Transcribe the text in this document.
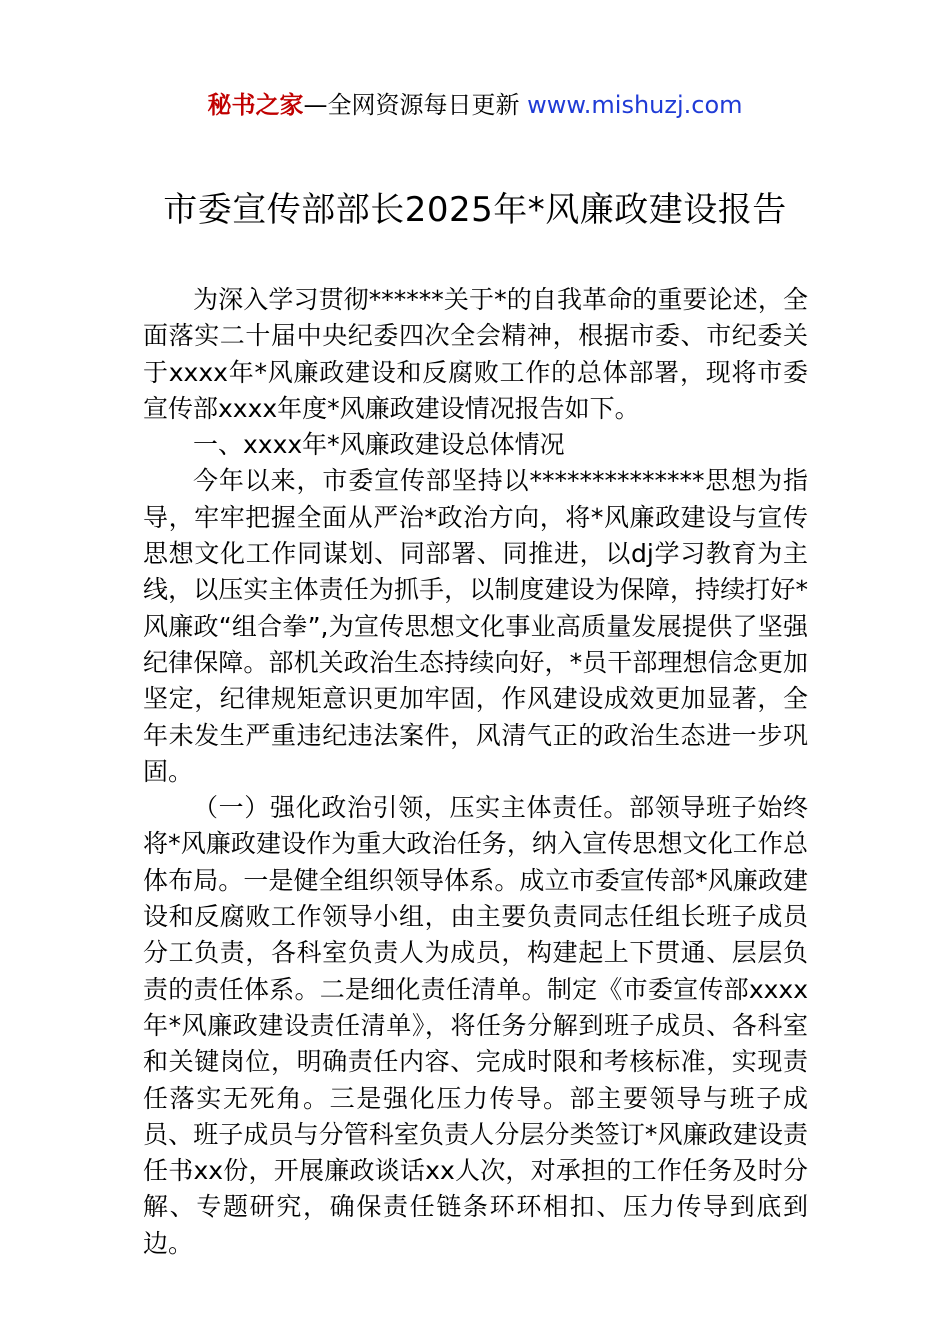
秘书之家—全网资源每日更新 www.mishuzj.com
市委宣传部部长2025年*风廉政建设报告

为深入学习贯彻******关于*的自我革命的重要论述，全面落实二十届中央纪委四次全会精神，根据市委、市纪委关于xxxx年*风廉政建设和反腐败工作的总体部署，现将市委宣传部xxxx年度*风廉政建设情况报告如下。

一、xxxx年*风廉政建设总体情况

今年以来，市委宣传部坚持以**************思想为指导，牢牢把握全面从严治*政治方向，将*风廉政建设与宣传思想文化工作同谋划、同部署、同推进，以dj学习教育为主线，以压实主体责任为抓手，以制度建设为保障，持续打好*风廉政“组合拳”,为宣传思想文化事业高质量发展提供了坚强纪律保障。部机关政治生态持续向好，*员干部理想信念更加坚定，纪律规矩意识更加牢固，作风建设成效更加显著，全年未发生严重违纪违法案件，风清气正的政治生态进一步巩固。

（一）强化政治引领，压实主体责任。部领导班子始终将*风廉政建设作为重大政治任务，纳入宣传思想文化工作总体布局。一是健全组织领导体系。成立市委宣传部*风廉政建设和反腐败工作领导小组，由主要负责同志任组长班子成员分工负责，各科室负责人为成员，构建起上下贯通、层层负责的责任体系。二是细化责任清单。制定《市委宣传部xxxx年*风廉政建设责任清单》，将任务分解到班子成员、各科室和关键岗位，明确责任内容、完成时限和考核标准，实现责任落实无死角。三是强化压力传导。部主要领导与班子成员、班子成员与分管科室负责人分层分类签订*风廉政建设责任书xx份，开展廉政谈话xx人次，对承担的工作任务及时分解、专题研究，确保责任链条环环相扣、压力传导到底到边。
